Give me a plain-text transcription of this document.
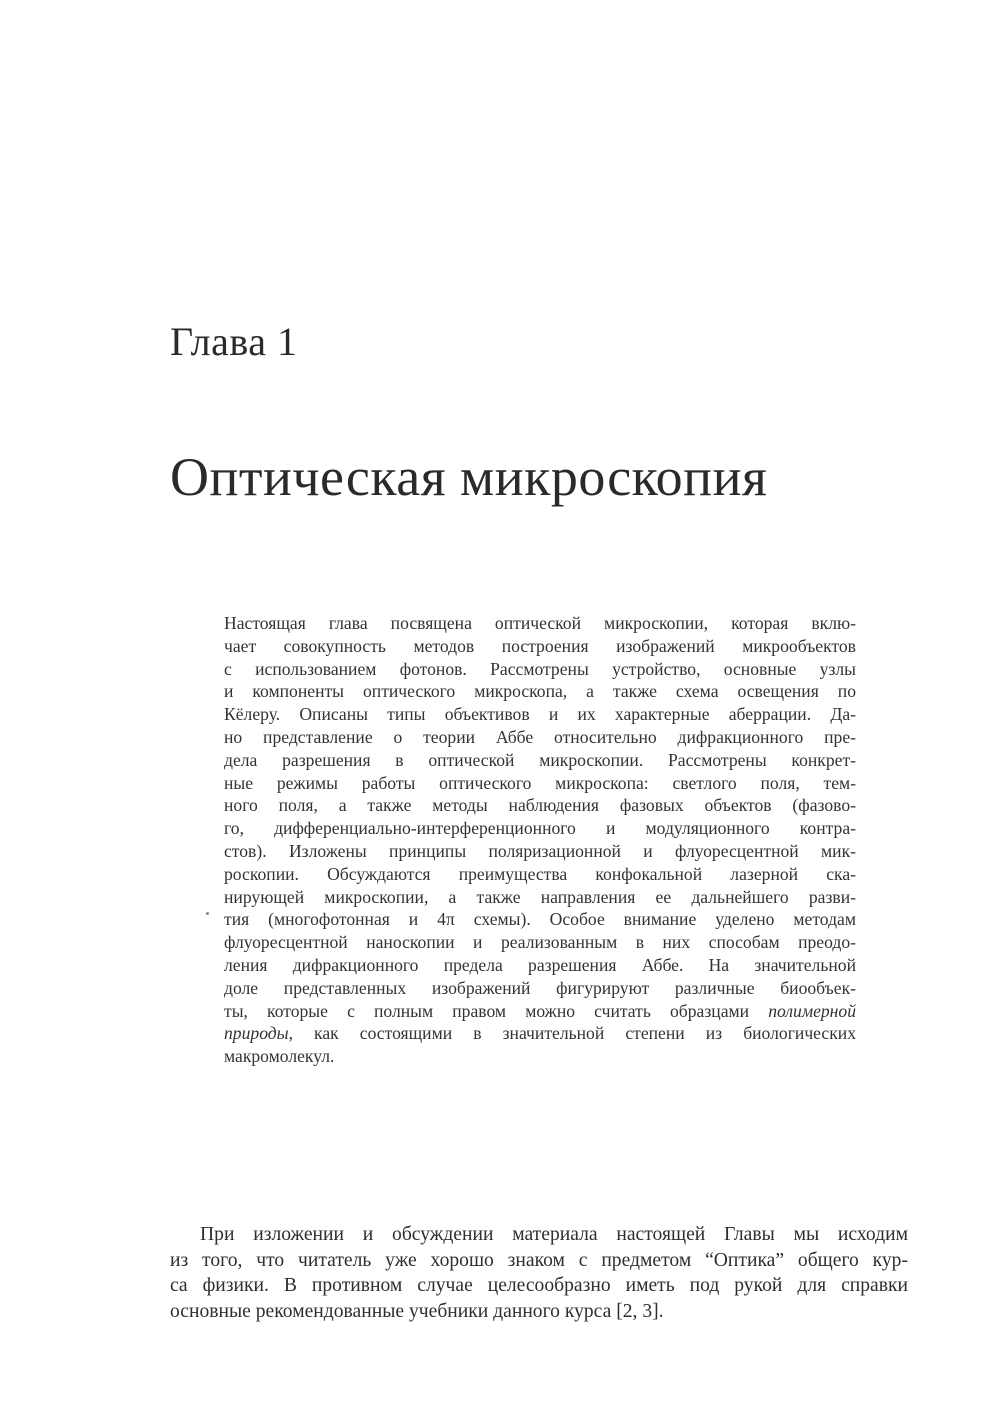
Глава 1
Оптическая микроскопия
Настоящая глава посвящена оптической микроскопии, которая вклю-
чает совокупность методов построения изображений микрообъектов
с использованием фотонов. Рассмотрены устройство, основные узлы
и компоненты оптического микроскопа, а также схема освещения по
Кёлеру. Описаны типы объективов и их характерные аберрации. Да-
но представление о теории Аббе относительно дифракционного пре-
дела разрешения в оптической микроскопии. Рассмотрены конкрет-
ные режимы работы оптического микроскопа: светлого поля, тем-
ного поля, а также методы наблюдения фазовых объектов (фазово-
го, дифференциально-интерференционного и модуляционного контра-
стов). Изложены принципы поляризационной и флуоресцентной мик-
роскопии. Обсуждаются преимущества конфокальной лазерной ска-
нирующей микроскопии, а также направления ее дальнейшего разви-
тия (многофотонная и 4π схемы). Особое внимание уделено методам
флуоресцентной наноскопии и реализованным в них способам преодо-
ления дифракционного предела разрешения Аббе. На значительной
доле представленных изображений фигурируют различные биообъек-
ты, которые с полным правом можно считать образцами полимерной
природы, как состоящими в значительной степени из биологических
макромолекул.
При изложении и обсуждении материала настоящей Главы мы исходим
из того, что читатель уже хорошо знаком с предметом “Оптика” общего кур-
са физики. В противном случае целесообразно иметь под рукой для справки
основные рекомендованные учебники данного курса [2, 3].
